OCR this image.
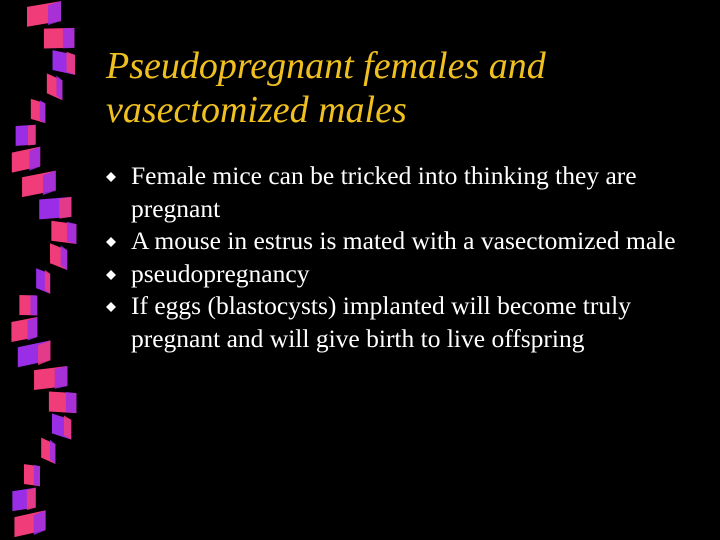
Pseudopregnant females and vasectomized males
Female mice can be tricked into thinking they are pregnant
A mouse in estrus is mated with a vasectomized male
pseudopregnancy
If eggs (blastocysts) implanted will become truly pregnant and will give birth to live offspring
